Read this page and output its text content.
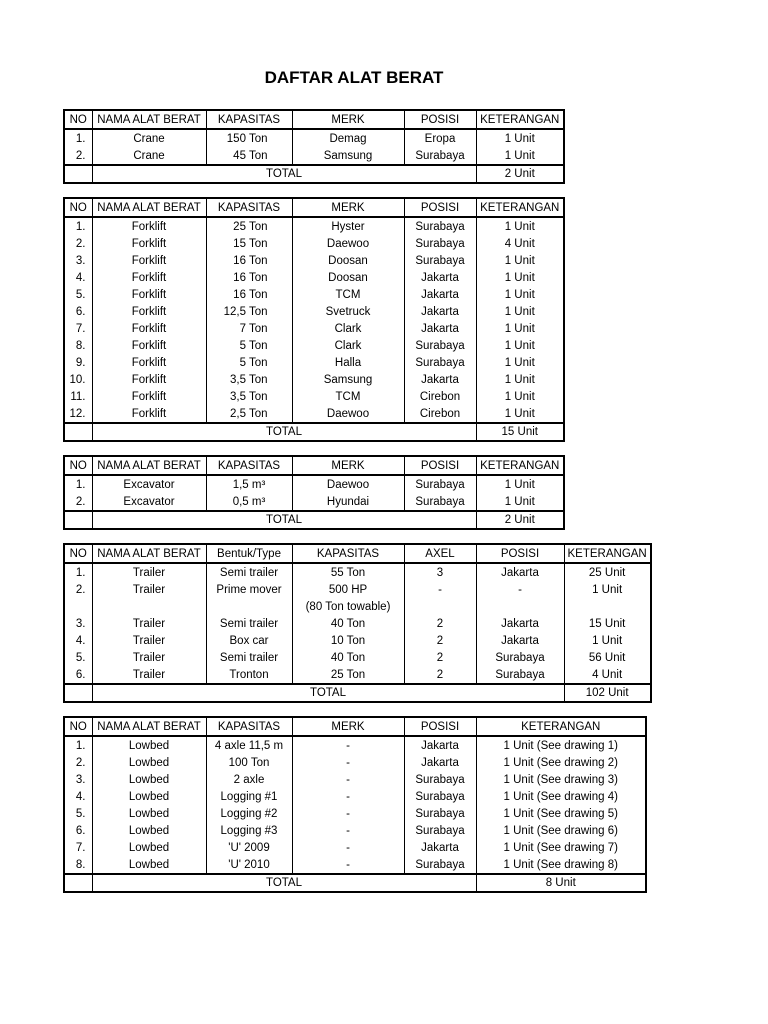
DAFTAR ALAT BERAT
NO	NAMA ALAT BERAT	KAPASITAS	MERK	POSISI	KETERANGAN
1.	Crane	150 Ton	Demag	Eropa	1 Unit
2.	Crane	45 Ton	Samsung	Surabaya	1 Unit
	TOTAL				2 Unit
NO	NAMA ALAT BERAT	KAPASITAS	MERK	POSISI	KETERANGAN
1.	Forklift	25 Ton	Hyster	Surabaya	1 Unit
2.	Forklift	15 Ton	Daewoo	Surabaya	4 Unit
3.	Forklift	16 Ton	Doosan	Surabaya	1 Unit
4.	Forklift	16 Ton	Doosan	Jakarta	1 Unit
5.	Forklift	16 Ton	TCM	Jakarta	1 Unit
6.	Forklift	12,5 Ton	Svetruck	Jakarta	1 Unit
7.	Forklift	7 Ton	Clark	Jakarta	1 Unit
8.	Forklift	5 Ton	Clark	Surabaya	1 Unit
9.	Forklift	5 Ton	Halla	Surabaya	1 Unit
10.	Forklift	3,5 Ton	Samsung	Jakarta	1 Unit
11.	Forklift	3,5 Ton	TCM	Cirebon	1 Unit
12.	Forklift	2,5 Ton	Daewoo	Cirebon	1 Unit
	TOTAL				15 Unit
NO	NAMA ALAT BERAT	KAPASITAS	MERK	POSISI	KETERANGAN
1.	Excavator	1,5 m³	Daewoo	Surabaya	1 Unit
2.	Excavator	0,5 m³	Hyundai	Surabaya	1 Unit
	TOTAL				2 Unit
NO	NAMA ALAT BERAT	Bentuk/Type	KAPASITAS	AXEL	POSISI	KETERANGAN
1.	Trailer	Semi trailer	55 Ton	3	Jakarta	25 Unit
2.	Trailer	Prime mover	500 HP	-	-	1 Unit
			(80 Ton towable)			
3.	Trailer	Semi trailer	40 Ton	2	Jakarta	15 Unit
4.	Trailer	Box car	10 Ton	2	Jakarta	1 Unit
5.	Trailer	Semi trailer	40 Ton	2	Surabaya	56 Unit
6.	Trailer	Tronton	25 Ton	2	Surabaya	4 Unit
	TOTAL					102 Unit
NO	NAMA ALAT BERAT	KAPASITAS	MERK	POSISI	KETERANGAN
1.	Lowbed	4 axle 11,5 m	-	Jakarta	1 Unit (See drawing 1)
2.	Lowbed	100 Ton	-	Jakarta	1 Unit (See drawing 2)
3.	Lowbed	2 axle	-	Surabaya	1 Unit (See drawing 3)
4.	Lowbed	Logging #1	-	Surabaya	1 Unit (See drawing 4)
5.	Lowbed	Logging #2	-	Surabaya	1 Unit (See drawing 5)
6.	Lowbed	Logging #3	-	Surabaya	1 Unit (See drawing 6)
7.	Lowbed	'U' 2009	-	Jakarta	1 Unit (See drawing 7)
8.	Lowbed	'U' 2010	-	Surabaya	1 Unit (See drawing 8)
	TOTAL				8 Unit
